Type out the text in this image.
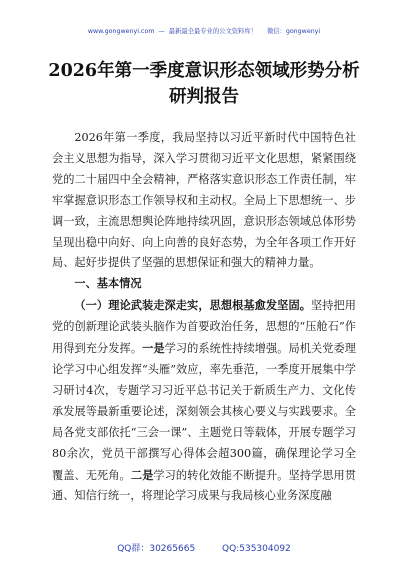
www.gongwenyi.com — 最新最全最专业的公文资料库！ 微信：gongwenyi
2026年第一季度意识形态领域形势分析
研判报告

2026年第一季度，我局坚持以习近平新时代中国特色社会主义思想为指导，深入学习贯彻习近平文化思想，紧紧围绕党的二十届四中全会精神，严格落实意识形态工作责任制，牢牢掌握意识形态工作领导权和主动权。全局上下思想统一、步调一致，主流思想舆论阵地持续巩固，意识形态领域总体形势呈现出稳中向好、向上向善的良好态势，为全年各项工作开好局、起好步提供了坚强的思想保证和强大的精神力量。

一、基本情况

（一）理论武装走深走实，思想根基愈发坚固。坚持把用党的创新理论武装头脑作为首要政治任务，思想的“压舱石”作用得到充分发挥。一是学习的系统性持续增强。局机关党委理论学习中心组发挥“头雁”效应，率先垂范，一季度开展集中学习研讨4次，专题学习习近平总书记关于新质生产力、文化传承发展等最新重要论述，深刻领会其核心要义与实践要求。全局各党支部依托“三会一课”、主题党日等载体，开展专题学习80余次，党员干部撰写心得体会超300篇，确保理论学习全覆盖、无死角。二是学习的转化效能不断提升。坚持学思用贯通、知信行统一，将理论学习成果与我局核心业务深度融

QQ群：30265665	QQ:535304092
